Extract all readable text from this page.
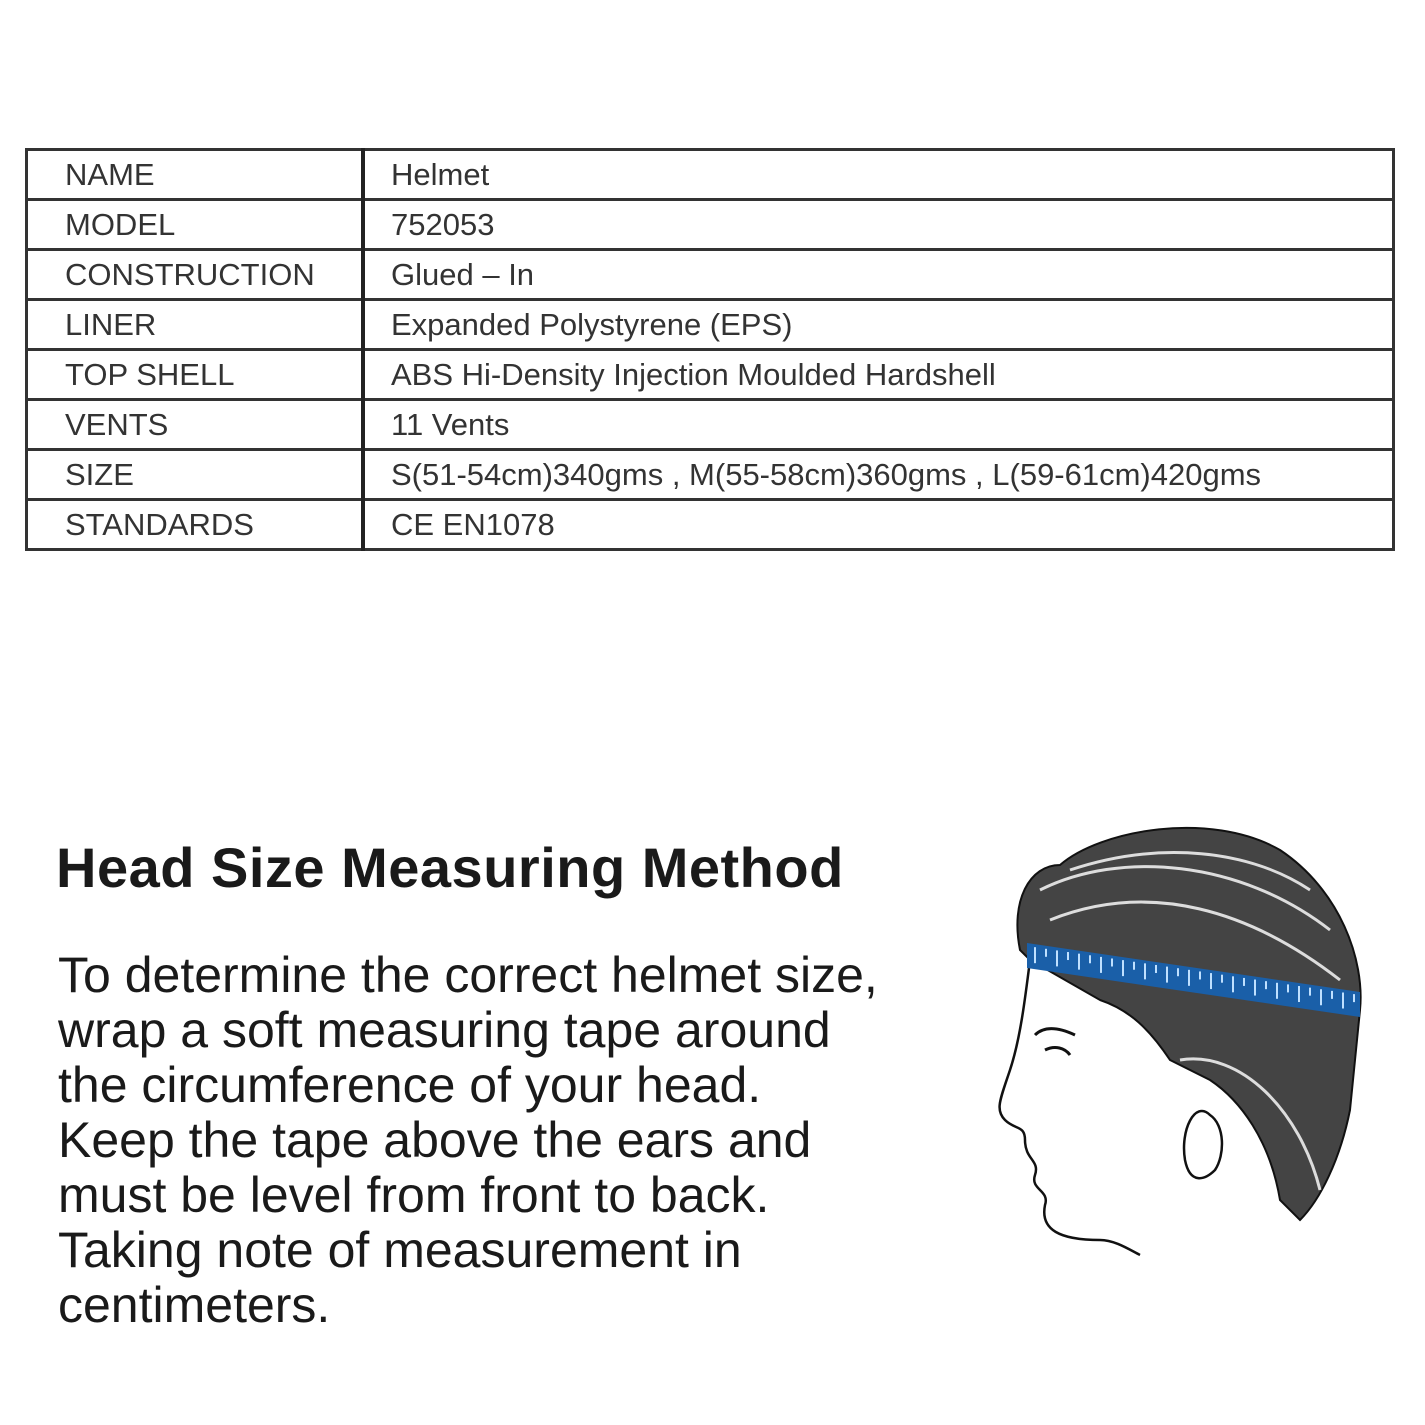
NAME	Helmet
MODEL	752053
CONSTRUCTION	Glued – In
LINER	Expanded Polystyrene (EPS)
TOP SHELL	ABS Hi-Density Injection Moulded Hardshell
VENTS	11 Vents
SIZE	S(51-54cm)340gms , M(55-58cm)360gms , L(59-61cm)420gms
STANDARDS	CE EN1078
Head Size Measuring Method

To determine the correct helmet size,
wrap a soft measuring tape around
the circumference of your head.
Keep the tape above the ears and
must be level from front to back.
Taking note of measurement in
centimeters.
